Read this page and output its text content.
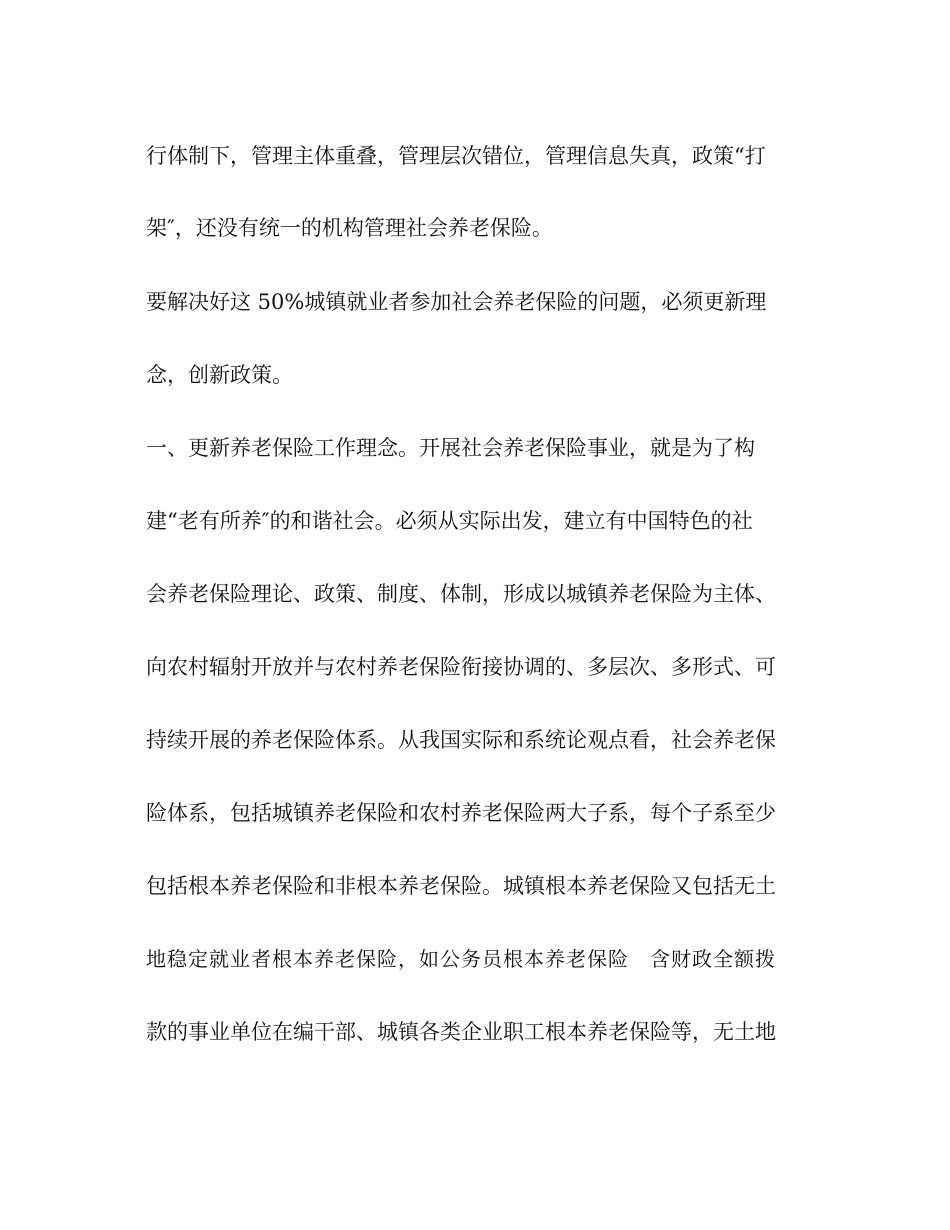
行体制下，管理主体重叠，管理层次错位，管理信息失真，政策“打
架″，还没有统一的机构管理社会养老保险。
要解决好这 50%城镇就业者参加社会养老保险的问题，必须更新理
念，创新政策。
一、更新养老保险工作理念。开展社会养老保险事业，就是为了构
建“老有所养″的和谐社会。必须从实际出发，建立有中国特色的社
会养老保险理论、政策、制度、体制，形成以城镇养老保险为主体、
向农村辐射开放并与农村养老保险衔接协调的、多层次、多形式、可
持续开展的养老保险体系。从我国实际和系统论观点看，社会养老保
险体系，包括城镇养老保险和农村养老保险两大子系，每个子系至少
包括根本养老保险和非根本养老保险。城镇根本养老保险又包括无土
地稳定就业者根本养老保险，如公务员根本养老保险　含财政全额拨
款的事业单位在编干部、城镇各类企业职工根本养老保险等，无土地
